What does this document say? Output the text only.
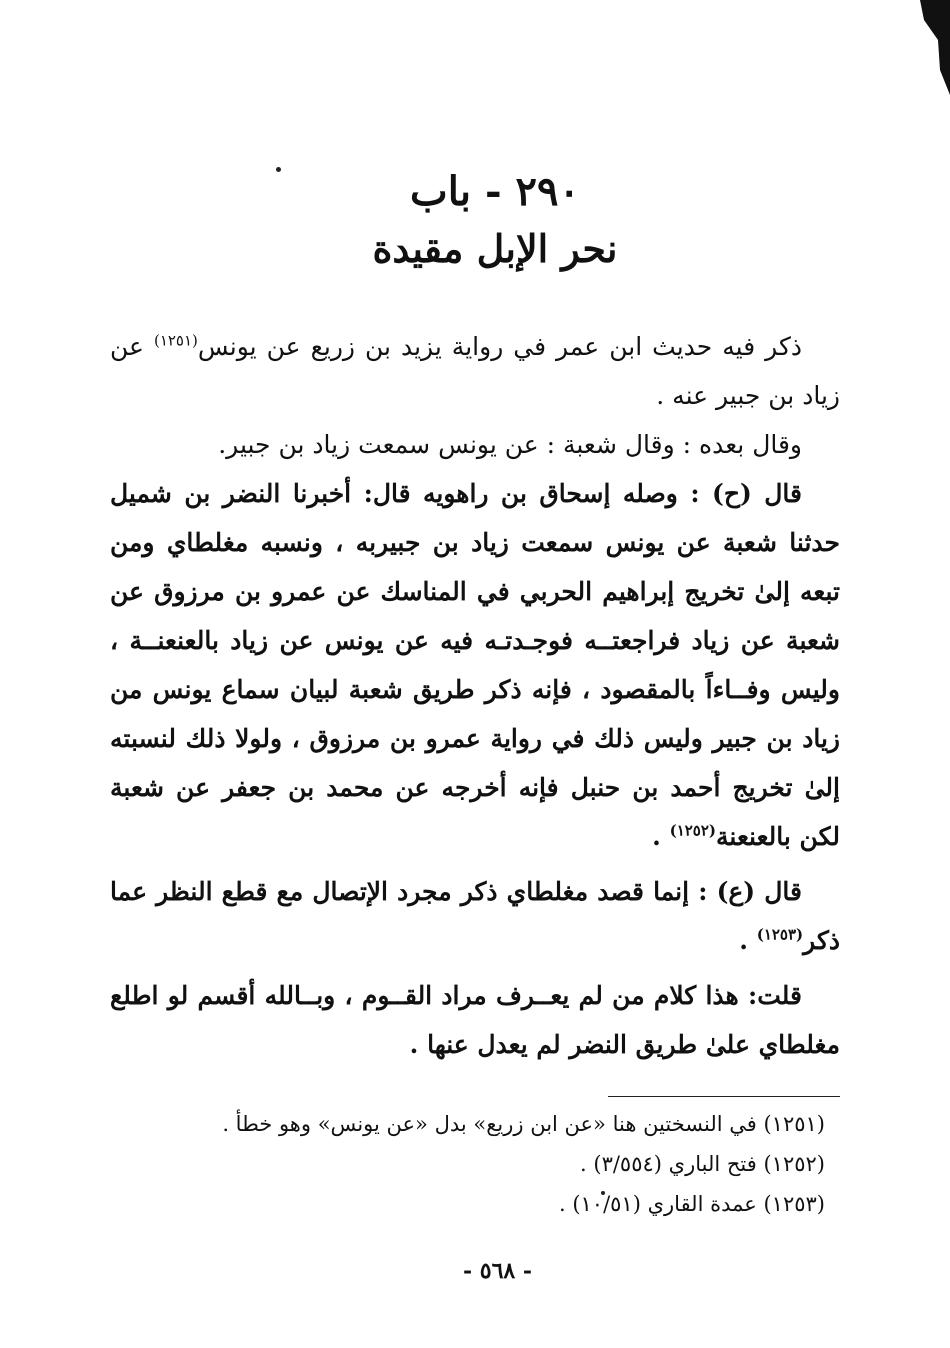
٢٩٠ - باب
نحر الإبل مقيدة

ذكر فيه حديث ابن عمر في رواية يزيد بن زريع عن يونس$^{(١٢٥١)}$ عن زياد بن جبير عنه .

وقال بعده : وقال شعبة : عن يونس سمعت زياد بن جبير.

قال (ح) : وصله إسحاق بن راهويه قال: أخبرنا النضر بن شميل حدثنا شعبة عن يونس سمعت زياد بن جبيربه ، ونسبه مغلطاي ومن تبعه إلىٰ تخريج إبراهيم الحربي في المناسك عن عمرو بن مرزوق عن شعبة عن زياد فراجعتــه فوجـدتـه فيه عن يونس عن زياد بالعنعنــة ، وليس وفــاءاً بالمقصود ، فإنه ذكر طريق شعبة لبيان سماع يونس من زياد بن جبير وليس ذلك في رواية عمرو بن مرزوق ، ولولا ذلك لنسبته إلىٰ تخريج أحمد بن حنبل فإنه أخرجه عن محمد بن جعفر عن شعبة لكن بالعنعنة$^{(١٢٥٢)}$ .

قال (ع) : إنما قصد مغلطاي ذكر مجرد الإتصال مع قطع النظر عما ذكر$^{(١٢٥٣)}$ .

قلت: هذا كلام من لم يعــرف مراد القــوم ، وبــالله أقسم لو اطلع مغلطاي علىٰ طريق النضر لم يعدل عنها .

(١٢٥١) في النسختين هنا «عن ابن زريع» بدل «عن يونس» وهو خطأ .

(١٢٥٢) فتح الباري (٣/٥٥٤) .

(١٢٥٣) عمدة القاري (١٠/٥١) .

- ٥٦٨ -
